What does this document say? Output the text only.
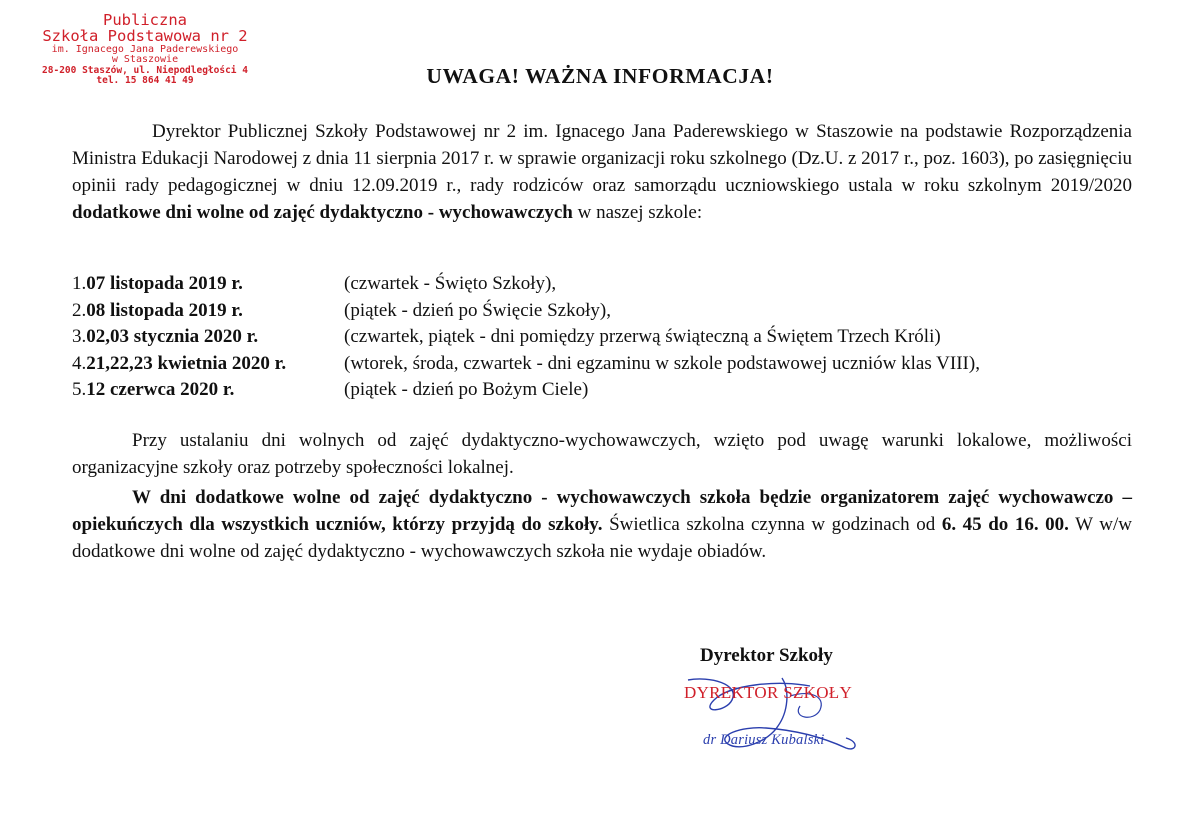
Publiczna
Szkoła Podstawowa nr 2
im. Ignacego Jana Paderewskiego
w Staszowie
28-200 Staszów, ul. Niepodległości 4
tel. 15 864 41 49	UWAGA! WAŻNA INFORMACJA!
Dyrektor Publicznej Szkoły Podstawowej nr 2 im. Ignacego Jana Paderewskiego w Staszowie na podstawie Rozporządzenia Ministra Edukacji Narodowej z dnia 11 sierpnia 2017 r. w sprawie organizacji roku szkolnego (Dz.U. z 2017 r., poz. 1603), po zasięgnięciu opinii rady pedagogicznej w dniu 12.09.2019 r., rady rodziców oraz samorządu uczniowskiego ustala w roku szkolnym 2019/2020 dodatkowe dni wolne od zajęć dydaktyczno - wychowawczych w naszej szkole:
1.07 listopada 2019 r.	(czwartek - Święto Szkoły),
2.08 listopada 2019 r.	(piątek - dzień po Święcie Szkoły),
3.02,03 stycznia 2020 r.	(czwartek, piątek - dni pomiędzy przerwą świąteczną a Świętem Trzech Króli)
4.21,22,23 kwietnia 2020 r.	(wtorek, środa, czwartek - dni egzaminu w szkole podstawowej uczniów klas VIII),
5.12 czerwca 2020 r.	(piątek - dzień po Bożym Ciele)
Przy ustalaniu dni wolnych od zajęć dydaktyczno-wychowawczych, wzięto pod uwagę warunki lokalowe, możliwości organizacyjne szkoły oraz potrzeby społeczności lokalnej.
W dni dodatkowe wolne od zajęć dydaktyczno - wychowawczych szkoła będzie organizatorem zajęć wychowawczo – opiekuńczych dla wszystkich uczniów, którzy przyjdą do szkoły. Świetlica szkolna czynna w godzinach od 6. 45 do 16. 00. W w/w dodatkowe dni wolne od zajęć dydaktyczno - wychowawczych szkoła nie wydaje obiadów.
Dyrektor Szkoły
DYREKTOR SZKOŁY
dr Dariusz Kubalski
